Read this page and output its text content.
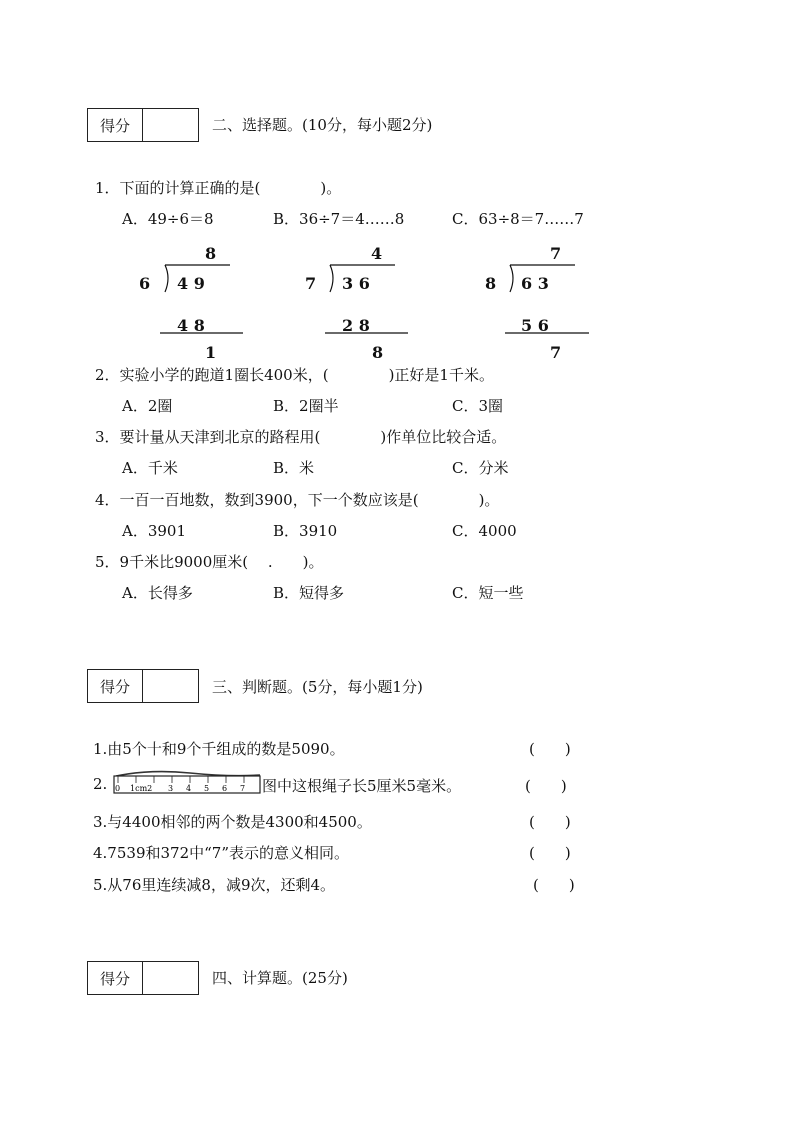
得分	二、选择题。(10分，每小题2分)
1．下面的计算正确的是(　　　　)。
A．49÷6＝8	B．36÷7＝4……8	C．63÷8＝7……7
8
6 4 9
4 8
1
4
7 3 6
2 8
8
7
8 6 3
5 6
7
2．实验小学的跑道1圈长400米，(　　　　)正好是1千米。
A．2圈	B．2圈半	C．3圈
3．要计量从天津到北京的路程用(　　　　)作单位比较合适。
A．千米	B．米	C．分米
4．一百一百地数，数到3900，下一个数应该是(　　　　)。
A．3901	B．3910	C．4000
5．9千米比9000厘米(　 .　　)。
A．长得多	B．短得多	C．短一些
得分	三、判断题。(5分，每小题1分)
1.由5个十和9个千组成的数是5090。	(　　)
2. 0 1cm2 3 4 5 6 7 图中这根绳子长5厘米5毫米。	(　　)
3.与4400相邻的两个数是4300和4500。	(　　)
4.7539和372中“7”表示的意义相同。	(　　)
5.从76里连续减8，减9次，还剩4。	(　　)
得分	四、计算题。(25分)
